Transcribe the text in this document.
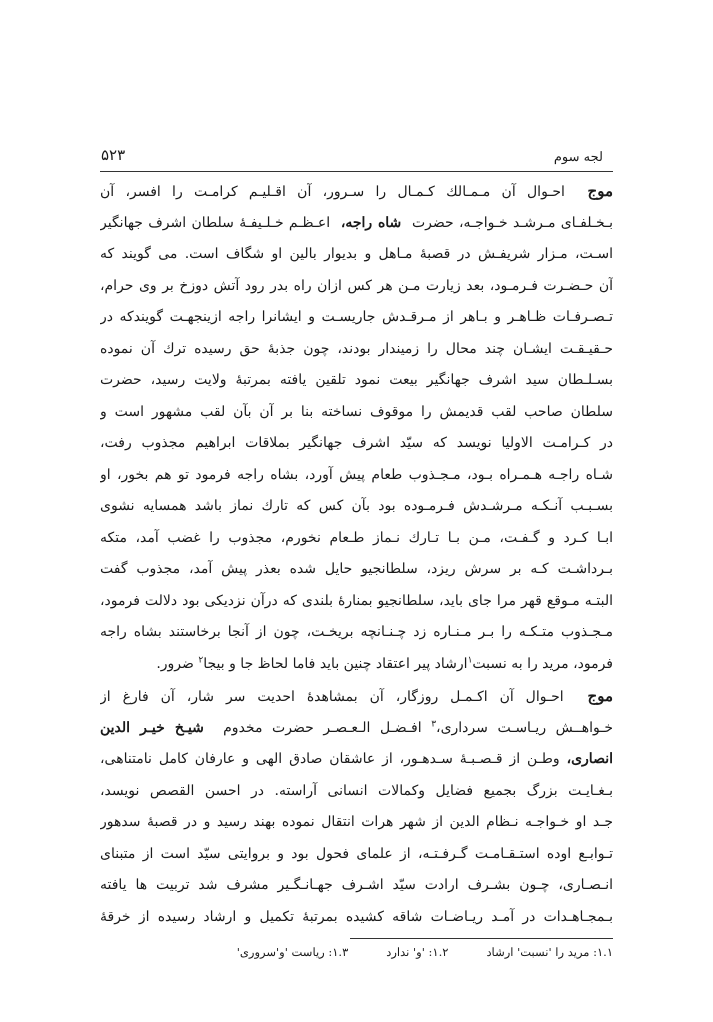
لجه سوم
۵۲۳
موج  احـوال آن مـمـالك كـمـال را سـرور، آن اقـليـم كرامـت را افسر، آن
بـخـلفـاى مـرشـد خـواجـه، حضرت  شاه راجه،  اعـظـم خـلـيفـهٔ سلطان اشرف جهانگير
اسـت، مـزار شريفـش در قصبهٔ مـاهل و بديوار بالين او شگاف است. مى گويند كه
آن حـضـرت فـرمـود، بعد زيارت مـن هر كس ازان راه بدر رود آتش دوزخ بر وى حرام،
تـصـرفـات ظـاهـر و بـاهر از مـرقـدش جاريسـت و ايشانرا راجه ازينجهـت گويندكه در
حـقيـقـت ايشـان چند محال را زميندار بودند، چون جذبهٔ حق رسيده ترك آن نموده
بسـلـطان سيد اشرف جهانگير بيعت نمود تلقين يافته بمرتبهٔ ولايت رسيد، حضرت
سلطان صاحب لقب قديمش را موقوف نساخته بنا بر آن بآن لقب مشهور است و
در كـرامـت الاوليا نويسد كه سيّد اشرف جهانگير بملاقات ابراهيم مجذوب رفت،
شـاه راجـه هـمـراه بـود، مـجـذوب طعام پيش آورد، بشاه راجه فرمود تو هم بخور، او
بسـبـب آنـكـه مـرشـدش فـرمـوده بود بآن كس كه تارك نماز باشد همسايه نشوى
ابـا كـرد و گـفـت، مـن بـا تـارك نـماز طـعام نخورم، مجذوب را غضب آمد، متكه
بـرداشـت كـه بر سرش ريزد، سلطانجيو حايل شده بعذر پيش آمد، مجذوب گفت
البتـه مـوقع قهر مرا جاى بايد، سلطانجيو بمنارهٔ بلندى كه درآن نزديكى بود دلالت فرمود،
مـجـذوب متـكـه را بـر مـنـاره زد چـنـانچه بريخـت، چون از آنجا برخاستند بشاه راجه
فرمود، مريد را به نسبت$^١$ارشاد پير اعتقاد چنين بايد فاما لحاظ جا و بيجا$^٢$ ضرور.
موج  احـوال آن اكـمـل روزگار، آن بمشاهدهٔ احديت سر شار، آن فارغ از
خـواهــش ريـاسـت سرداری،$^٣$ افـضـل الـعـصـر حضرت مخدوم  شيـخ خيـر الدين
انصارى، وطـن از قـصـبـهٔ سـدهـور، از عاشقان صادق الهى و عارفان كامل نامتناهى،
بـغـايـت بزرگ بجميع فضايل وكمالات انسانى آراسته. در احسن القصص نويسد،
جـد او خـواجـه نـظام الدين از شهر هرات انتقال نموده بهند رسيد و در قصبهٔ سدهور
تـوابـع اوده استـقـامـت گـرفـتـه، از علماى فحول بود و بروايتى سيّد است از متبناى
انـصـارى، چـون بشـرف ارادت سيّد اشـرف جهـانـگـير مشرف شد تربيت ها يافته
بـمجـاهـدات در آمـد ريـاضـات شاقه كشيده بمرتبهٔ تكميل و ارشاد رسيده از خرقهٔ
١.١: مريد را 'نسبت' ارشاد
١.٢: 'و' ندارد
١.٣: رياست 'و'سرورى'
